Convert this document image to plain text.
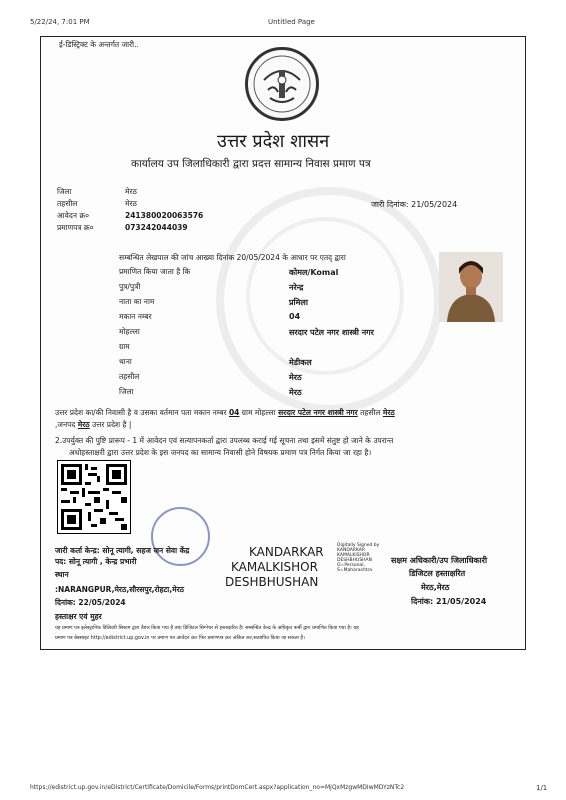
5/22/24, 7:01 PM	Untitled Page
ई-डिस्ट्रिक्ट के अन्तर्गत जारी..
उत्तर प्रदेश शासन
कार्यालय उप जिलाधिकारी द्वारा प्रदत्त सामान्य निवास प्रमाण पत्र
जिला	मेरठ
तहसील	मेरठ
आवेदन क्र०	241380020063576
प्रमाणपत्र क्र०	073242044039
जारी दिनांक: 21/05/2024
सम्बन्धित लेखपाल की जांच आख्या दिनांक 20/05/2024 के आधार पर एतद् द्वारा
प्रमाणित किया जाता है कि	कोमल/Komal
पुत्र/पुत्री	नरेन्द्र
नाता का नाम	प्रमिला
मकान नम्बर	04
मोहल्ला	सरदार पटेल नगर शास्त्री नगर
ग्राम
थाना	मेडीकल
तहसील	मेरठ
जिला	मेरठ
उत्तर प्रदेश का/की निवासी है व उसका वर्तमान पता मकान नम्बर 04 ग्राम मोहल्ला सरदार पटेल नगर शास्त्री नगर तहसील मेरठ
,जनपद मेरठ उत्तर प्रदेश है |
2.उपर्युक्त की पुष्टि प्रारूप - 1 में आवेदन एवं सत्यापनकर्ता द्वारा उपलब्ध कराई गई सूचना तथा इसमें संतुष्ट हो जाने के उपरान्त
अधोहस्ताक्षरी द्वारा उत्तर प्रदेश के इस जनपद का सामान्य निवासी होने विषयक प्रमाण पत्र निर्गत किया जा रहा है।
जारी कर्ता केन्द्र: सोनू त्यागी, सहज जन सेवा केंद्र
पद: सोनू त्यागी , केन्द्र प्रभारी
स्थान
:NARANGPUR,मेरठ,सौरसपुर,रोहटा,मेरठ
दिनांक: 22/05/2024
हस्ताक्षर एवं मुहर
KANDARKAR
KAMALKISHOR
DESHBHUSHAN
Digitally Signed by
KANDARKAR
KAMALKISHOR
DESHBHUSHAN
O=Personal,
S=Maharashtra
सक्षम अधिकारी/उप जिलाधिकारी
डिजिटल हस्ताक्षरित
मेरठ,मेरठ
दिनांक: 21/05/2024
यह प्रमाण पत्र इलेक्ट्रानिक डिलिवरी सिस्टम द्वारा तैयार किया गया है तथा डिजिटल सिग्नेचर से हस्ताक्षरित है। सम्बन्धित केन्द्र के अधिकृत कर्मी द्वारा प्रमाणित किया गया है। यह
प्रमाण पत्र बेबसाइट http://edistrict.up.gov.in पर प्रमाण पत्र आवेदन क्र० फिर प्रमाणपत्र क्र० अंकित कर,सत्यापित किया जा सकता है।
https://edistrict.up.gov.in/eDistrict/Certificate/Domicile/Forms/printDomCert.aspx?application_no=MjQxMzgwMDIwMDYzNTc2	1/1
